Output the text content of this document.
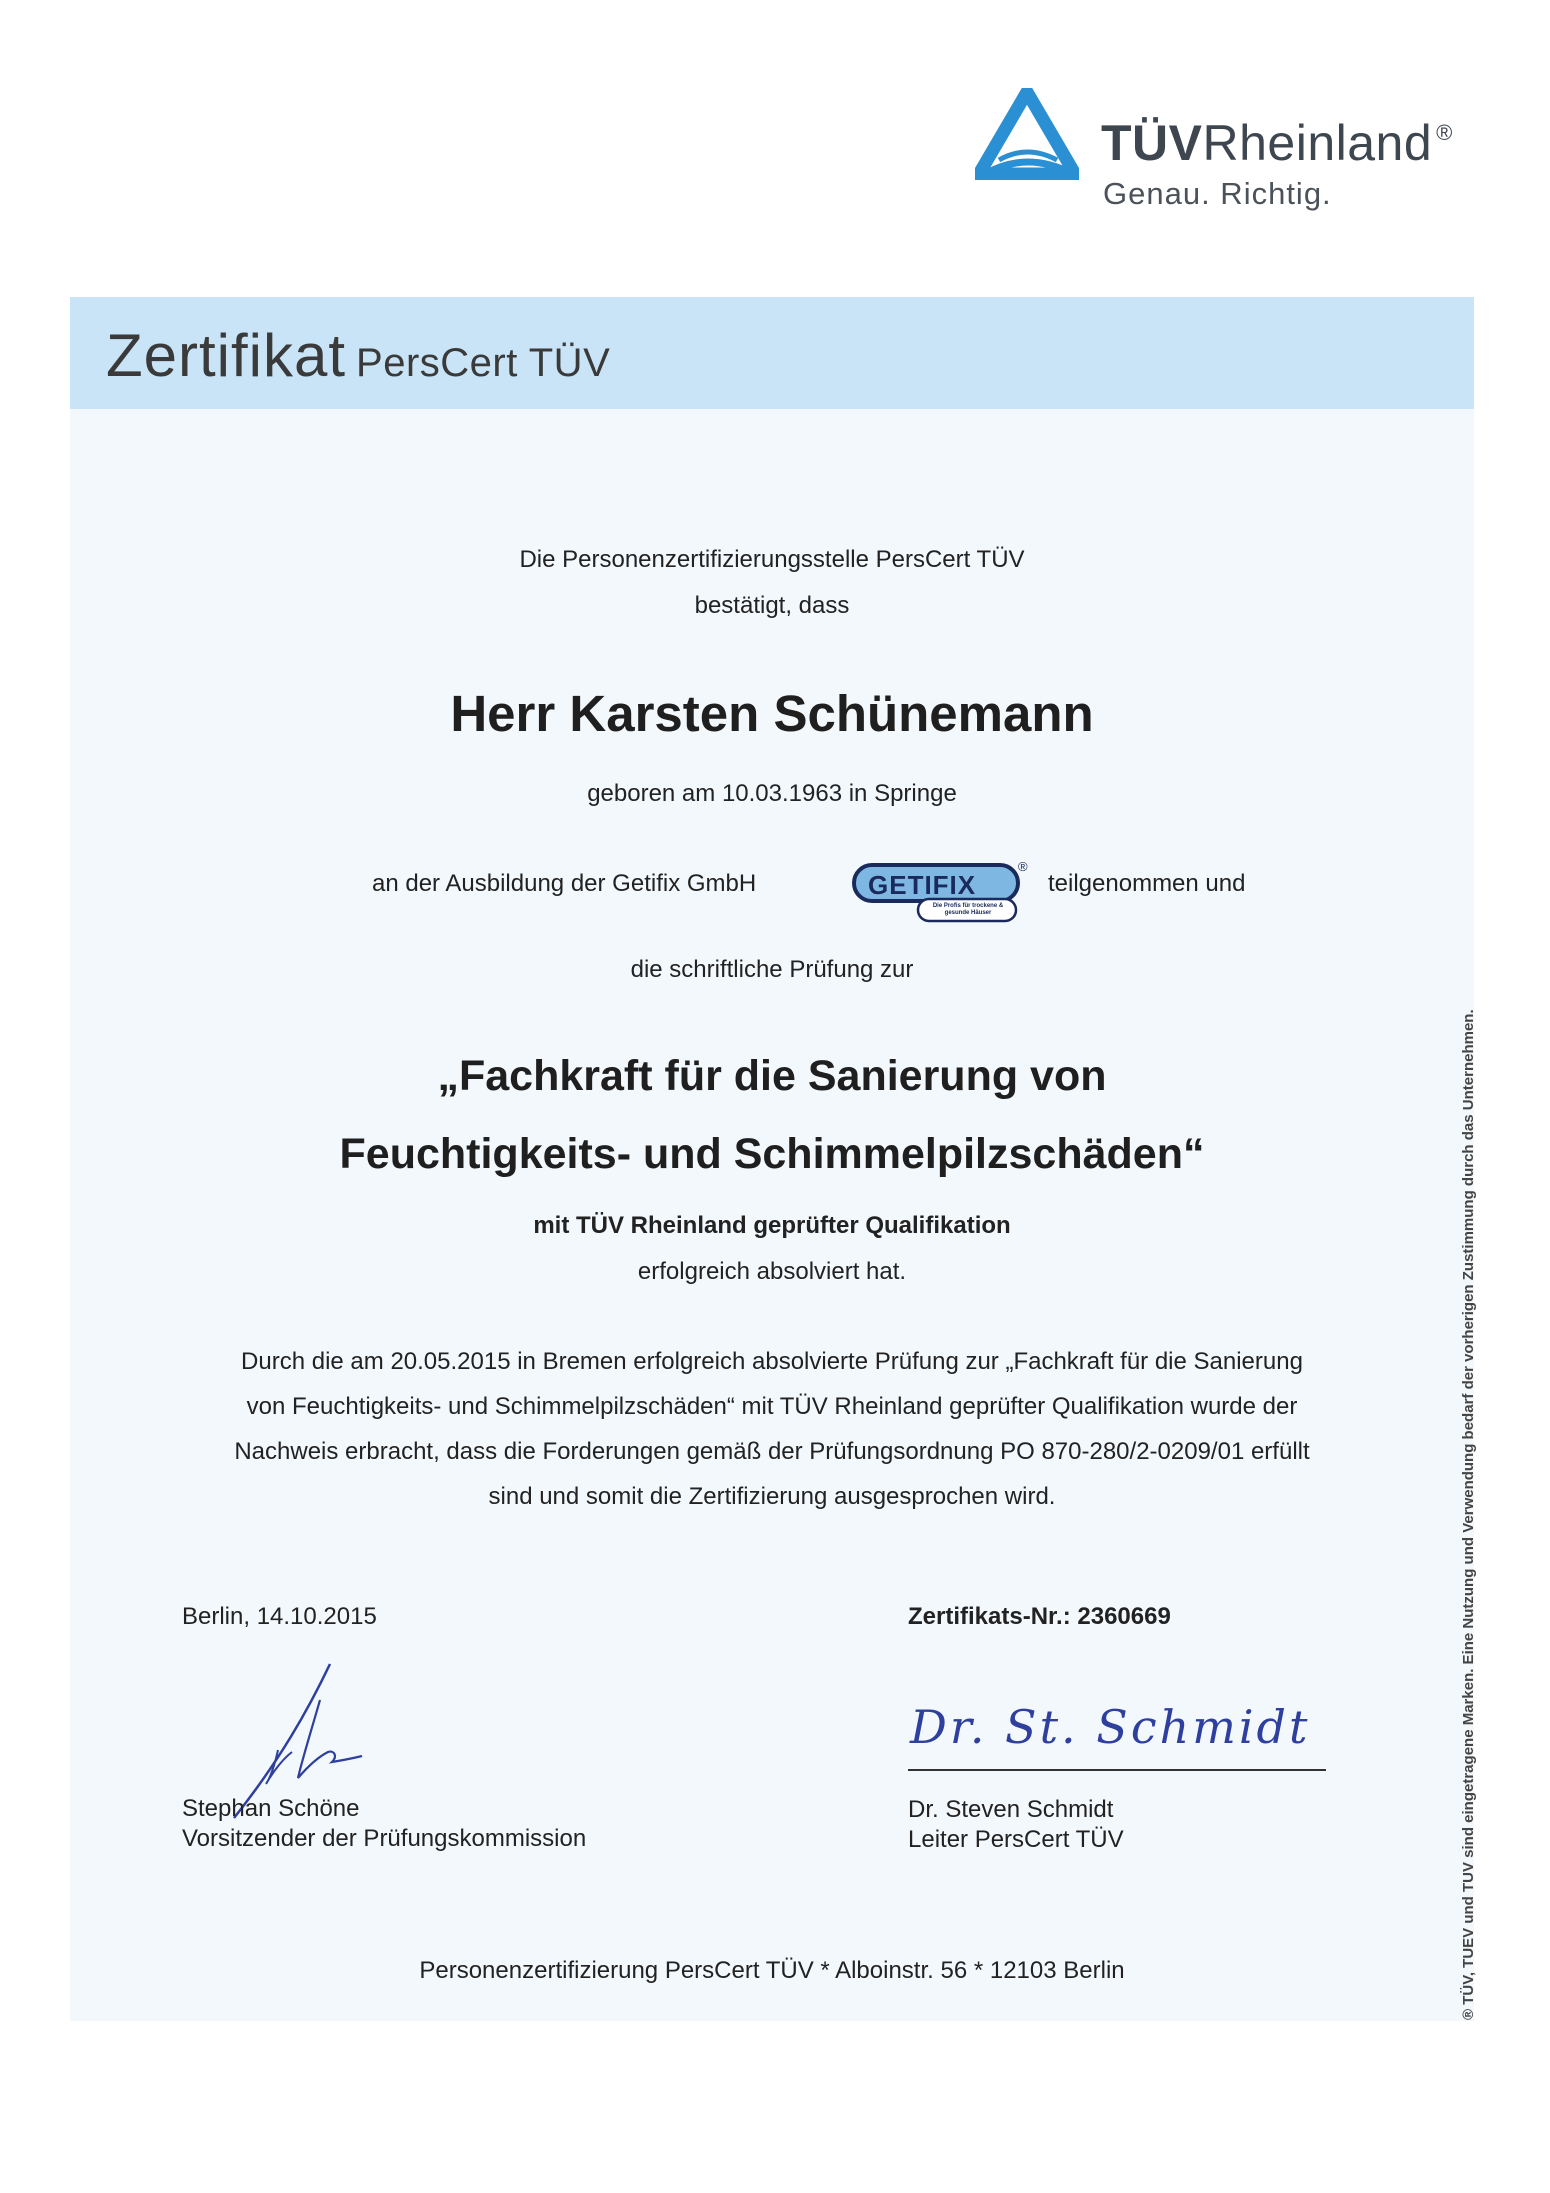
TÜVRheinland ®
Genau. Richtig.
Zertifikat PersCert TÜV
Die Personenzertifizierungsstelle PersCert TÜV
bestätigt, dass
Herr Karsten Schünemann
geboren am 10.03.1963 in Springe
an der Ausbildung der Getifix GmbH	GETIFIX
®
Die Profis für trockene & gesunde Häuser
teilgenommen und
die schriftliche Prüfung zur
„Fachkraft für die Sanierung von
Feuchtigkeits- und Schimmelpilzschäden“
mit TÜV Rheinland geprüfter Qualifikation
erfolgreich absolviert hat.
Durch die am 20.05.2015 in Bremen erfolgreich absolvierte Prüfung zur „Fachkraft für die Sanierung
von Feuchtigkeits- und Schimmelpilzschäden“ mit TÜV Rheinland geprüfter Qualifikation wurde der
Nachweis erbracht, dass die Forderungen gemäß der Prüfungsordnung PO 870-280/2-0209/01 erfüllt
sind und somit die Zertifizierung ausgesprochen wird.
Berlin, 14.10.2015	Zertifikats-Nr.: 2360669
Stephan Schöne
Vorsitzender der Prüfungskommission
Dr. St. Schmidt
Dr. Steven Schmidt
Leiter PersCert TÜV
Personenzertifizierung PersCert TÜV * Alboinstr. 56 * 12103 Berlin	® TÜV, TUEV und TUV sind eingetragene Marken. Eine Nutzung und Verwendung bedarf der vorherigen Zustimmung durch das Unternehmen.
